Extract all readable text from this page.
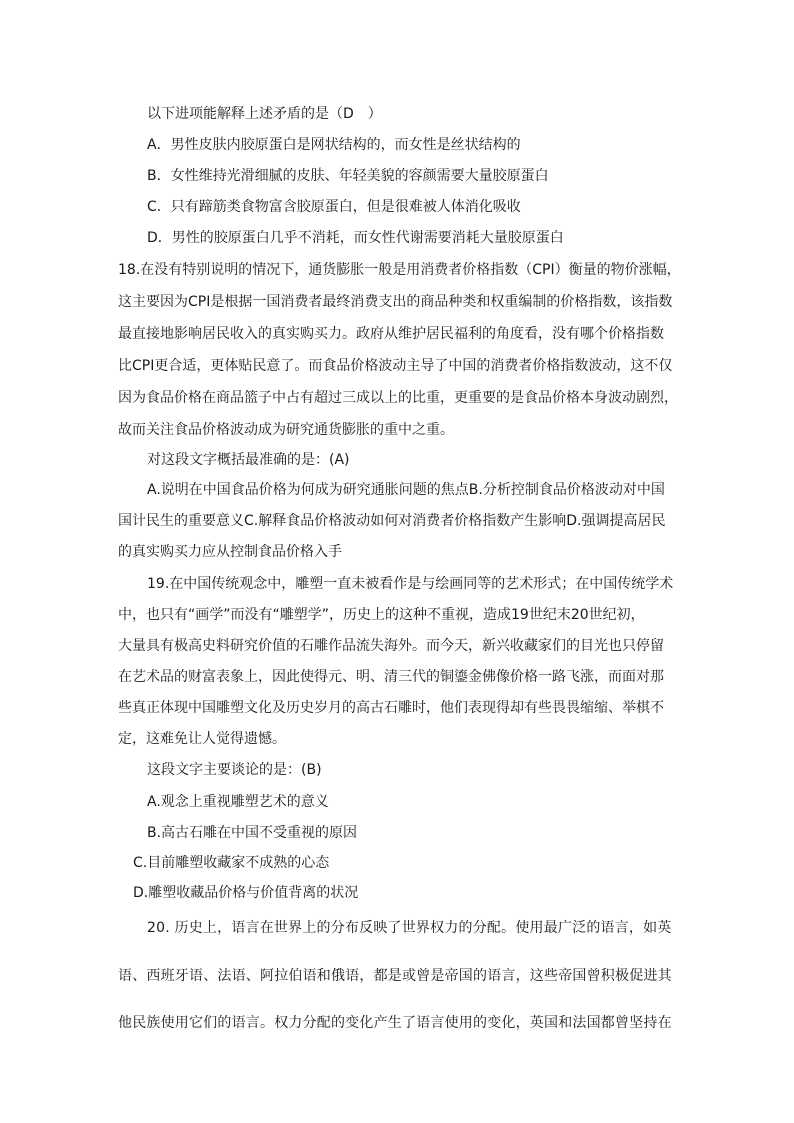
以下进项能解释上述矛盾的是（D　）

A．男性皮肤内胶原蛋白是网状结构的，而女性是丝状结构的

B．女性维持光滑细腻的皮肤、年轻美貌的容颜需要大量胶原蛋白

C．只有蹄筋类食物富含胶原蛋白，但是很难被人体消化吸收

D．男性的胶原蛋白几乎不消耗，而女性代谢需要消耗大量胶原蛋白

18.在没有特别说明的情况下，通货膨胀一般是用消费者价格指数（CPI）衡量的物价涨幅，

这主要因为CPI是根据一国消费者最终消费支出的商品种类和权重编制的价格指数，该指数

最直接地影响居民收入的真实购买力。政府从维护居民福利的角度看，没有哪个价格指数

比CPI更合适，更体贴民意了。而食品价格波动主导了中国的消费者价格指数波动，这不仅

因为食品价格在商品篮子中占有超过三成以上的比重，更重要的是食品价格本身波动剧烈，

故而关注食品价格波动成为研究通货膨胀的重中之重。

对这段文字概括最准确的是：(A)

A.说明在中国食品价格为何成为研究通胀问题的焦点B.分析控制食品价格波动对中国

国计民生的重要意义C.解释食品价格波动如何对消费者价格指数产生影响D.强调提高居民

的真实购买力应从控制食品价格入手

19.在中国传统观念中，雕塑一直未被看作是与绘画同等的艺术形式；在中国传统学术

中，也只有“画学”而没有“雕塑学”，历史上的这种不重视，造成19世纪末20世纪初，

大量具有极高史料研究价值的石雕作品流失海外。而今天，新兴收藏家们的目光也只停留

在艺术品的财富表象上，因此使得元、明、清三代的铜鎏金佛像价格一路飞涨，而面对那

些真正体现中国雕塑文化及历史岁月的高古石雕时，他们表现得却有些畏畏缩缩、举棋不

定，这难免让人觉得遗憾。

这段文字主要谈论的是：(B)

A.观念上重视雕塑艺术的意义

B.高古石雕在中国不受重视的原因

C.目前雕塑收藏家不成熟的心态

D.雕塑收藏品价格与价值背离的状况

20. 历史上，语言在世界上的分布反映了世界权力的分配。使用最广泛的语言，如英

语、西班牙语、法语、阿拉伯语和俄语，都是或曾是帝国的语言，这些帝国曾积极促进其

他民族使用它们的语言。权力分配的变化产生了语言使用的变化，英国和法国都曾坚持在
